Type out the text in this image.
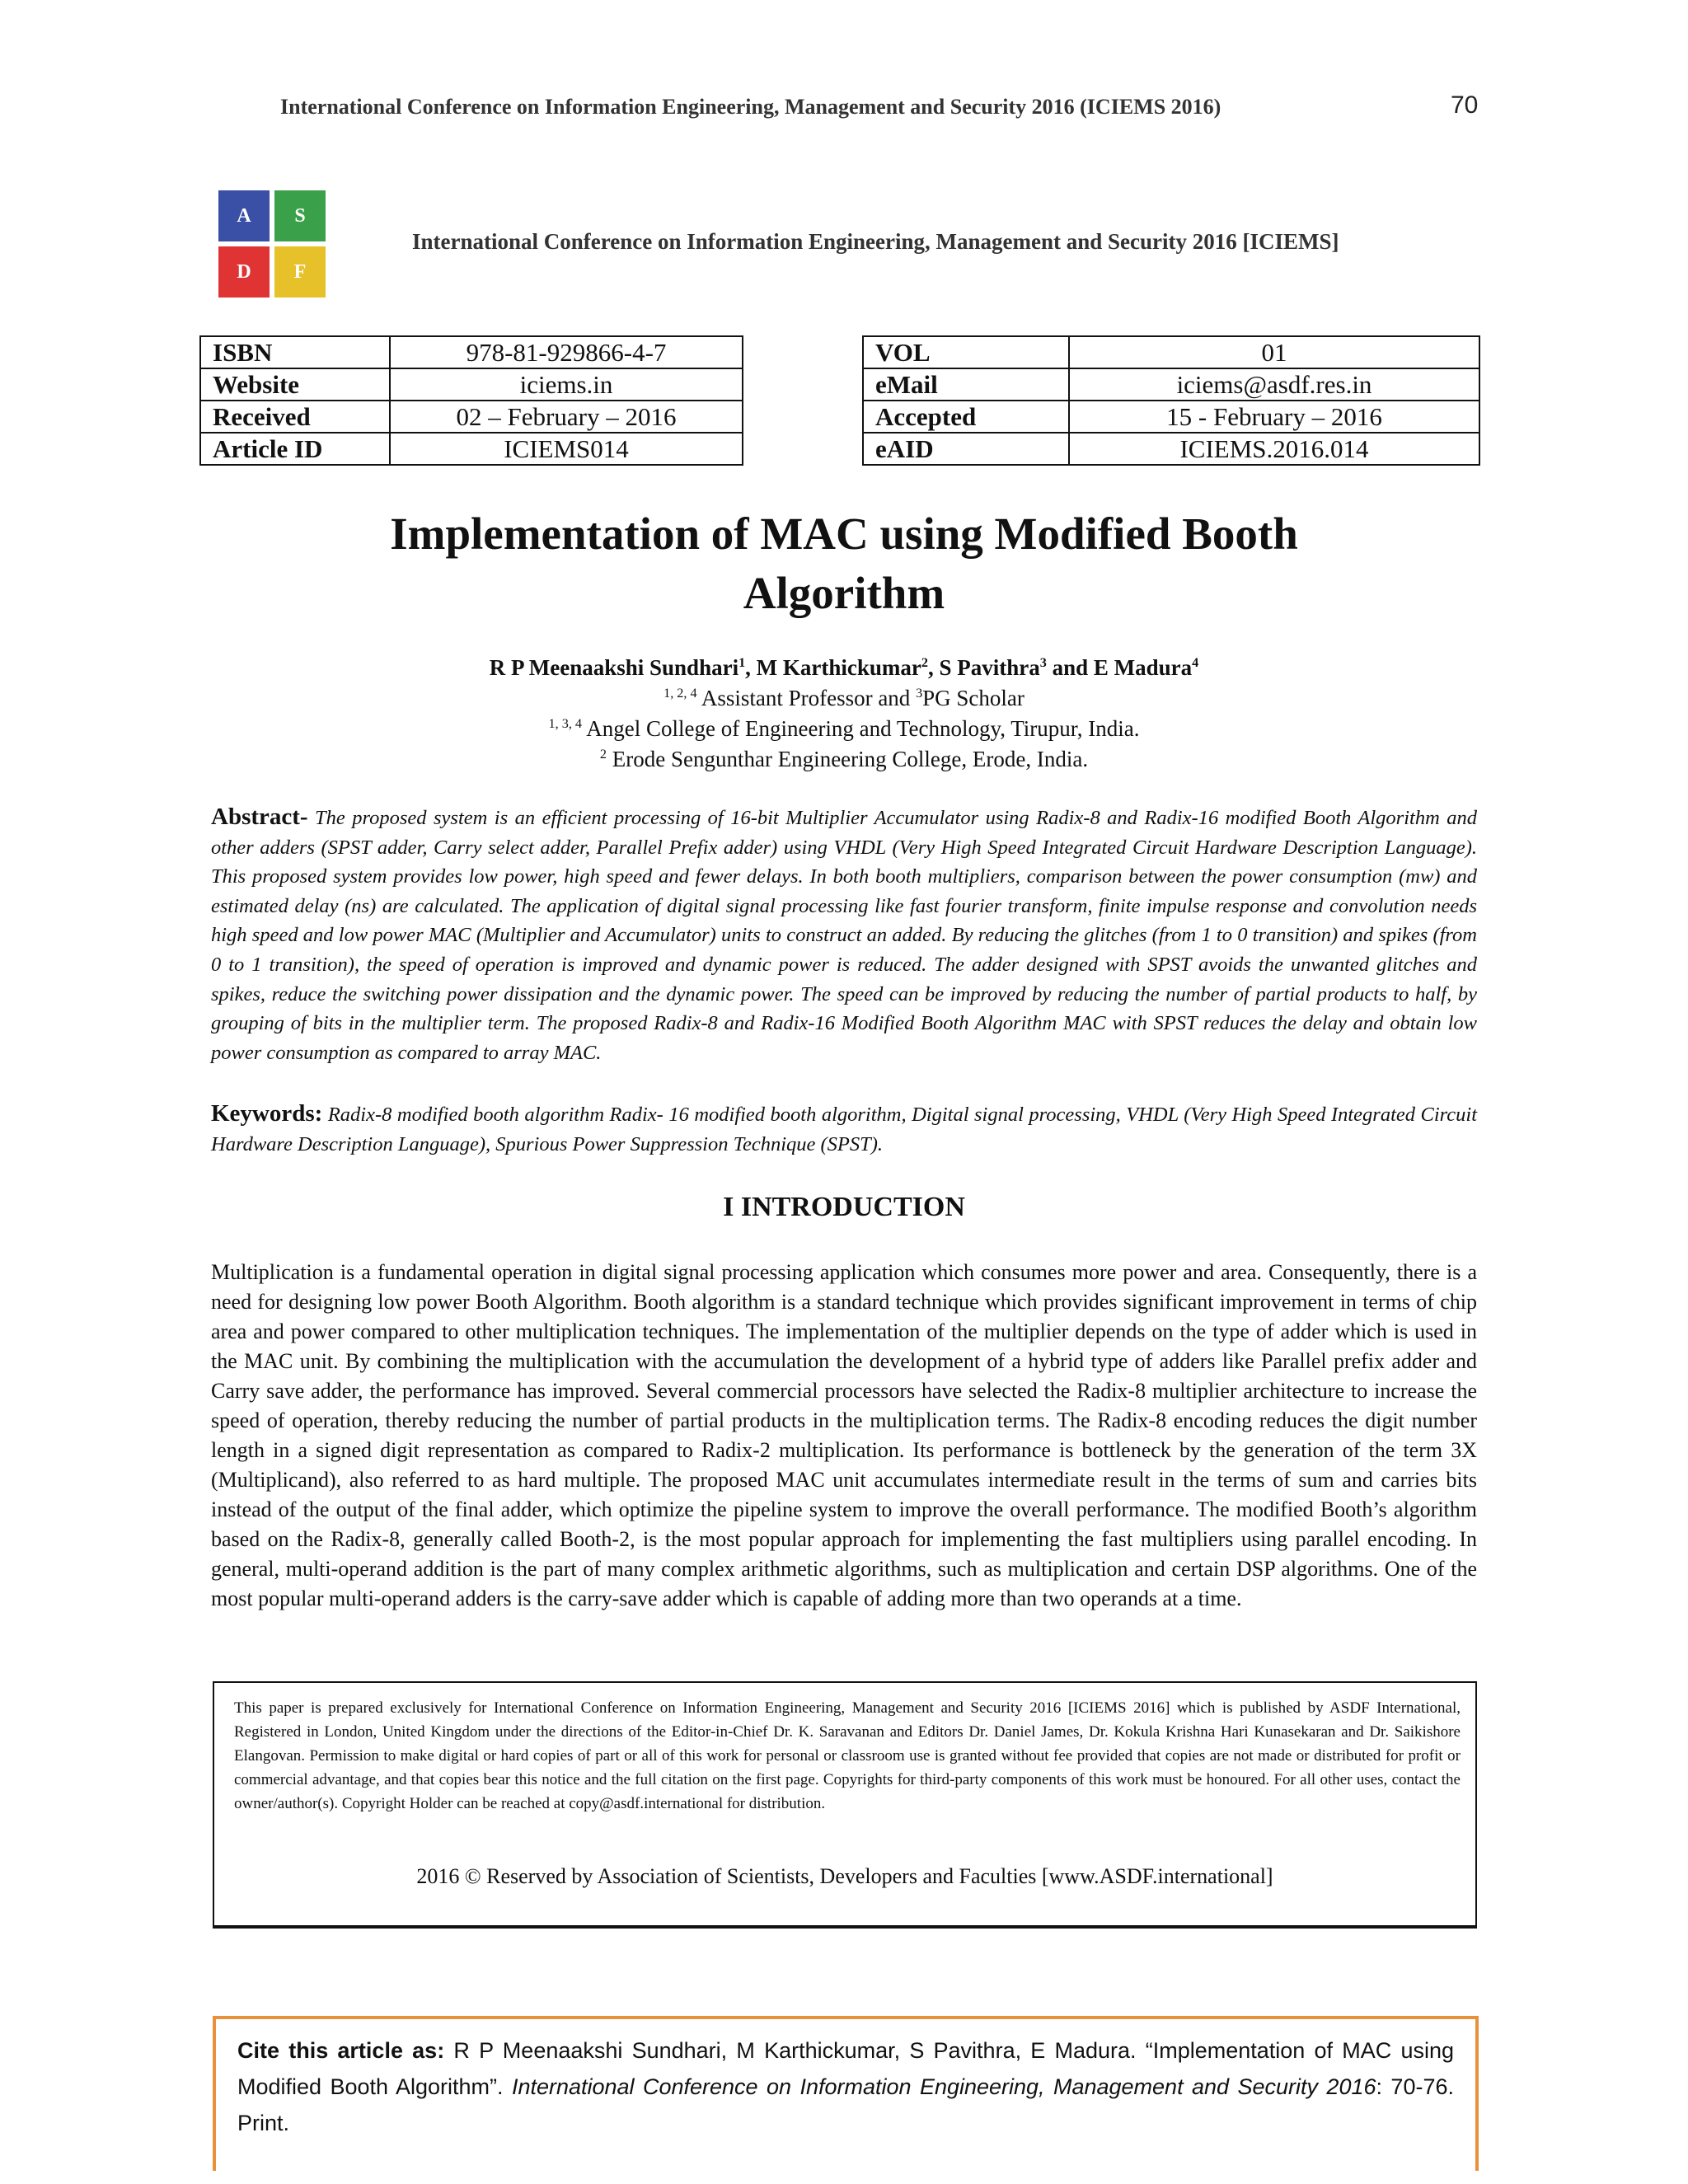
International Conference on Information Engineering, Management and Security 2016 (ICIEMS 2016)	70
A	S
D	F
International Conference on Information Engineering, Management and Security 2016 [ICIEMS]
ISBN	978-81-929866-4-7
Website	iciems.in
Received	02 – February – 2016
Article ID	ICIEMS014
VOL	01
eMail	iciems@asdf.res.in
Accepted	15 - February – 2016
eAID	ICIEMS.2016.014
Implementation of MAC using Modified Booth
Algorithm
R P Meenaakshi Sundhari$^1$, M Karthickumar$^2$, S Pavithra$^3$ and E Madura$^4$
$^{1, 2, 4}$ Assistant Professor and $^3$PG Scholar
$^{1, 3, 4}$ Angel College of Engineering and Technology, Tirupur, India.
$^2$ Erode Sengunthar Engineering College, Erode, India.
Abstract- The proposed system is an efficient processing of 16-bit Multiplier Accumulator using Radix-8 and Radix-16 modified Booth Algorithm and other adders (SPST adder, Carry select adder, Parallel Prefix adder) using VHDL (Very High Speed Integrated Circuit Hardware Description Language). This proposed system provides low power, high speed and fewer delays. In both booth multipliers, comparison between the power consumption (mw) and estimated delay (ns) are calculated. The application of digital signal processing like fast fourier transform, finite impulse response and convolution needs high speed and low power MAC (Multiplier and Accumulator) units to construct an added. By reducing the glitches (from 1 to 0 transition) and spikes (from 0 to 1 transition), the speed of operation is improved and dynamic power is reduced. The adder designed with SPST avoids the unwanted glitches and spikes, reduce the switching power dissipation and the dynamic power. The speed can be improved by reducing the number of partial products to half, by grouping of bits in the multiplier term. The proposed Radix-8 and Radix-16 Modified Booth Algorithm MAC with SPST reduces the delay and obtain low power consumption as compared to array MAC.
Keywords: Radix-8 modified booth algorithm Radix- 16 modified booth algorithm, Digital signal processing, VHDL (Very High Speed Integrated Circuit Hardware Description Language), Spurious Power Suppression Technique (SPST).
I INTRODUCTION
Multiplication is a fundamental operation in digital signal processing application which consumes more power and area. Consequently, there is a need for designing low power Booth Algorithm. Booth algorithm is a standard technique which provides significant improvement in terms of chip area and power compared to other multiplication techniques. The implementation of the multiplier depends on the type of adder which is used in the MAC unit. By combining the multiplication with the accumulation the development of a hybrid type of adders like Parallel prefix adder and Carry save adder, the performance has improved. Several commercial processors have selected the Radix-8 multiplier architecture to increase the speed of operation, thereby reducing the number of partial products in the multiplication terms. The Radix-8 encoding reduces the digit number length in a signed digit representation as compared to Radix-2 multiplication. Its performance is bottleneck by the generation of the term 3X (Multiplicand), also referred to as hard multiple. The proposed MAC unit accumulates intermediate result in the terms of sum and carries bits instead of the output of the final adder, which optimize the pipeline system to improve the overall performance. The modified Booth’s algorithm based on the Radix-8, generally called Booth-2, is the most popular approach for implementing the fast multipliers using parallel encoding. In general, multi-operand addition is the part of many complex arithmetic algorithms, such as multiplication and certain DSP algorithms. One of the most popular multi-operand adders is the carry-save adder which is capable of adding more than two operands at a time.
This paper is prepared exclusively for International Conference on Information Engineering, Management and Security 2016 [ICIEMS 2016] which is published by ASDF International, Registered in London, United Kingdom under the directions of the Editor-in-Chief Dr. K. Saravanan and Editors Dr. Daniel James, Dr. Kokula Krishna Hari Kunasekaran and Dr. Saikishore Elangovan. Permission to make digital or hard copies of part or all of this work for personal or classroom use is granted without fee provided that copies are not made or distributed for profit or commercial advantage, and that copies bear this notice and the full citation on the first page. Copyrights for third-party components of this work must be honoured. For all other uses, contact the owner/author(s). Copyright Holder can be reached at copy@asdf.international for distribution.
2016 © Reserved by Association of Scientists, Developers and Faculties [www.ASDF.international]
Cite this article as: R P Meenaakshi Sundhari, M Karthickumar, S Pavithra, E Madura. “Implementation of MAC using Modified Booth Algorithm”. International Conference on Information Engineering, Management and Security 2016: 70-76. Print.
